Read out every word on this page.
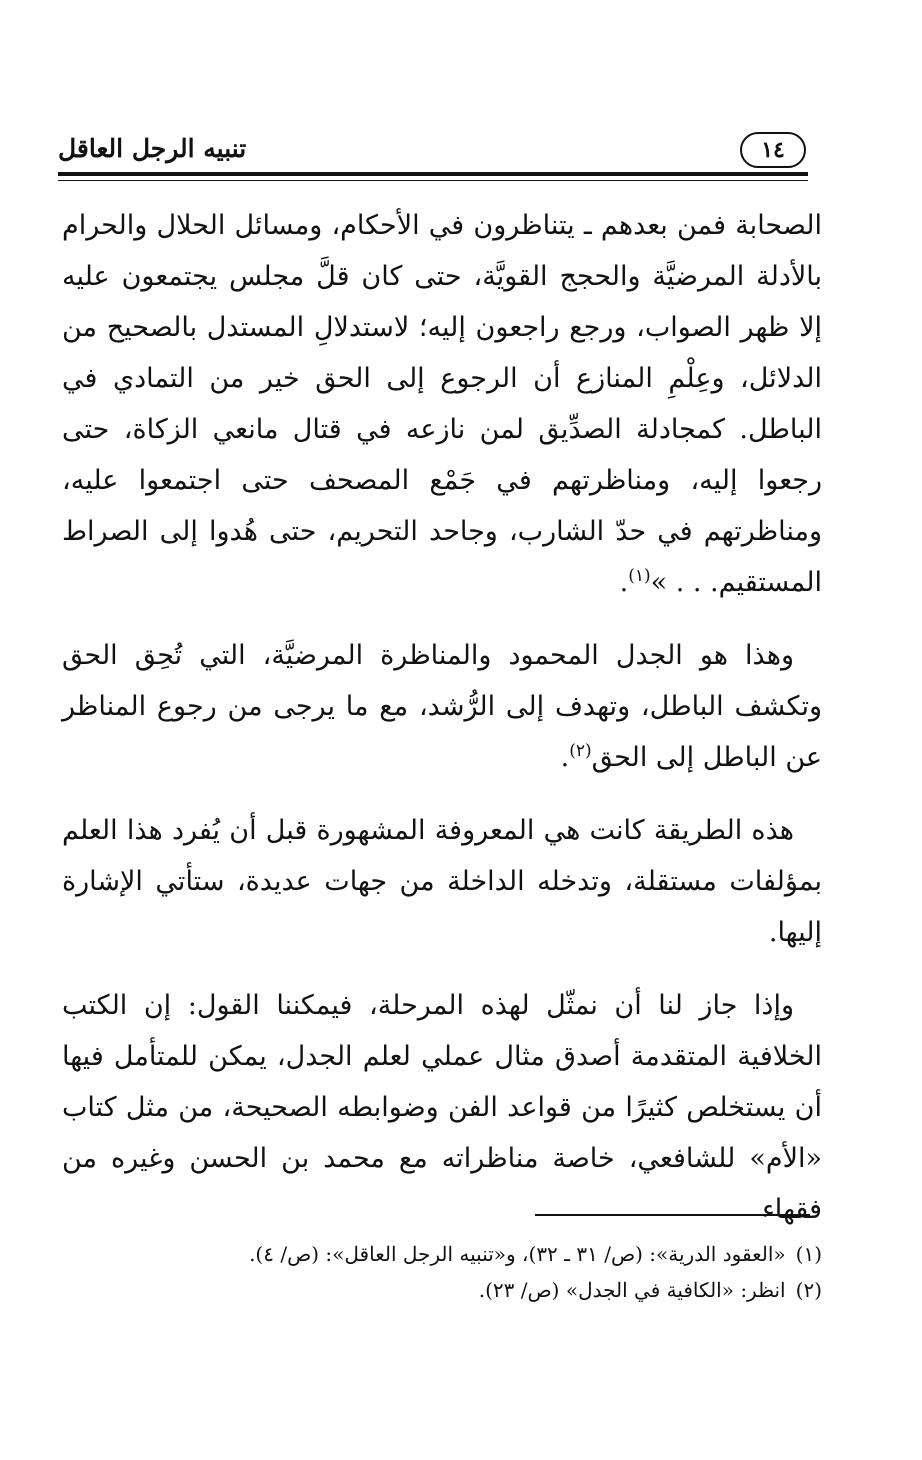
١٤
تنبيه الرجل العاقل

الصحابة فمن بعدهم ـ يتناظرون في الأحكام، ومسائل الحلال والحرام بالأدلة المرضيَّة والحجج القويَّة، حتى كان قلَّ مجلس يجتمعون عليه إلا ظهر الصواب، ورجع راجعون إليه؛ لاستدلالِ المستدل بالصحيح من الدلائل، وعِلْمِ المنازع أن الرجوع إلى الحق خير من التمادي في الباطل. كمجادلة الصدِّيق لمن نازعه في قتال مانعي الزكاة، حتى رجعوا إليه، ومناظرتهم في جَمْع المصحف حتى اجتمعوا عليه، ومناظرتهم في حدّ الشارب، وجاحد التحريم، حتى هُدوا إلى الصراط المستقيم. . . »$^{(١)}$.

وهذا هو الجدل المحمود والمناظرة المرضيَّة، التي تُحِق الحق وتكشف الباطل، وتهدف إلى الرُّشد، مع ما يرجى من رجوع المناظر عن الباطل إلى الحق$^{(٢)}$.

هذه الطريقة كانت هي المعروفة المشهورة قبل أن يُفرد هذا العلم بمؤلفات مستقلة، وتدخله الداخلة من جهات عديدة، ستأتي الإشارة إليها.

وإذا جاز لنا أن نمثّل لهذه المرحلة، فيمكننا القول: إن الكتب الخلافية المتقدمة أصدق مثال عملي لعلم الجدل، يمكن للمتأمل فيها أن يستخلص كثيرًا من قواعد الفن وضوابطه الصحيحة، من مثل كتاب «الأم» للشافعي، خاصة مناظراته مع محمد بن الحسن وغيره من فقهاء

(١)«العقود الدرية»: (ص/ ٣١ ـ ٣٢)، و«تنبيه الرجل العاقل»: (ص/ ٤).
(٢)انظر: «الكافية في الجدل» (ص/ ٢٣).
